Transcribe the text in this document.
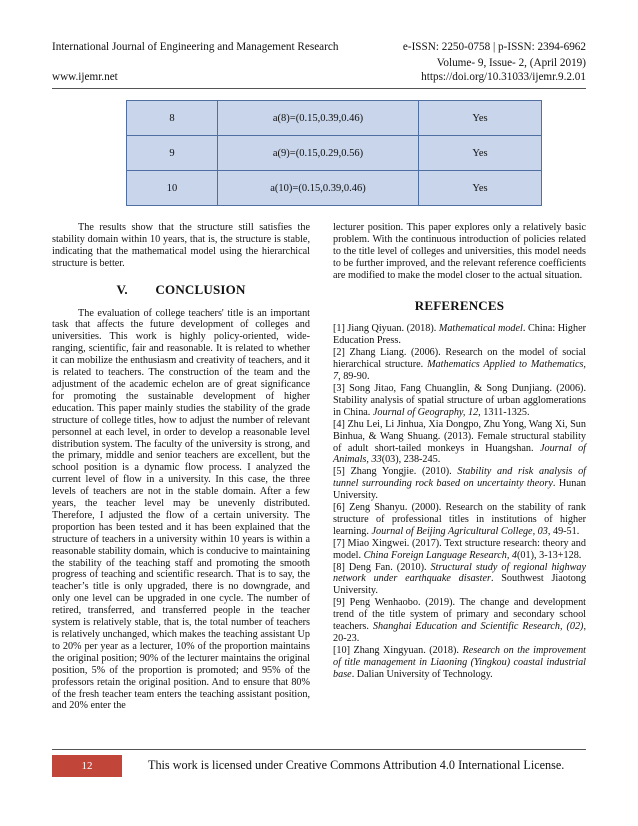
International Journal of Engineering and Management Research	e-ISSN: 2250-0758 | p-ISSN: 2394-6962
Volume- 9, Issue- 2, (April 2019)
www.ijemr.net	https://doi.org/10.31033/ijemr.9.2.01
8	a(8)=(0.15,0.39,0.46)	Yes
9	a(9)=(0.15,0.29,0.56)	Yes
10	a(10)=(0.15,0.39,0.46)	Yes

The results show that the structure still satisfies the stability domain within 10 years, that is, the structure is stable, indicating that the mathematical model using the hierarchical structure is better.

V.        CONCLUSION

The evaluation of college teachers' title is an important task that affects the future development of colleges and universities. This work is highly policy-oriented, wide-ranging, scientific, fair and reasonable. It is related to whether it can mobilize the enthusiasm and creativity of teachers, and it is related to teachers. The construction of the team and the adjustment of the academic echelon are of great significance for promoting the sustainable development of higher education. This paper mainly studies the stability of the grade structure of college titles, how to adjust the number of relevant personnel at each level, in order to develop a reasonable level distribution system. The faculty of the university is strong, and the primary, middle and senior teachers are excellent, but the school position is a dynamic flow process. I analyzed the current level of flow in a university. In this case, the three levels of teachers are not in the stable domain. After a few years, the teacher level may be unevenly distributed. Therefore, I adjusted the flow of a certain university. The proportion has been tested and it has been explained that the structure of teachers in a university within 10 years is within a reasonable stability domain, which is conducive to maintaining the stability of the teaching staff and promoting the smooth progress of teaching and scientific research. That is to say, the teacher’s title is only upgraded, there is no downgrade, and only one level can be upgraded in one cycle. The number of retired, transferred, and transferred people in the teacher system is relatively stable, that is, the total number of teachers is relatively unchanged, which makes the teaching assistant Up to 20% per year as a lecturer, 10% of the proportion maintains the original position; 90% of the lecturer maintains the original position, 5% of the proportion is promoted; and 95% of the professors retain the original position. And to ensure that 80% of the fresh teacher team enters the teaching assistant position, and 20% enter the

lecturer position. This paper explores only a relatively basic problem. With the continuous introduction of policies related to the title level of colleges and universities, this model needs to be further improved, and the relevant reference coefficients are modified to make the model closer to the actual situation.

REFERENCES

[1] Jiang Qiyuan. (2018). Mathematical model. China: Higher Education Press.

[2] Zhang Liang. (2006). Research on the model of social hierarchical structure. Mathematics Applied to Mathematics, 7, 89-90.

[3] Song Jitao, Fang Chuanglin, & Song Dunjiang. (2006). Stability analysis of spatial structure of urban agglomerations in China. Journal of Geography, 12, 1311-1325.

[4] Zhu Lei, Li Jinhua, Xia Dongpo, Zhu Yong, Wang Xi, Sun Binhua, & Wang Shuang. (2013). Female structural stability of adult short-tailed monkeys in Huangshan. Journal of Animals, 33(03), 238-245.

[5] Zhang Yongjie. (2010). Stability and risk analysis of tunnel surrounding rock based on uncertainty theory. Hunan University.

[6] Zeng Shanyu. (2000). Research on the stability of rank structure of professional titles in institutions of higher learning. Journal of Beijing Agricultural College, 03, 49-51.

[7] Miao Xingwei. (2017). Text structure research: theory and model. China Foreign Language Research, 4(01), 3-13+128.

[8] Deng Fan. (2010). Structural study of regional highway network under earthquake disaster. Southwest Jiaotong University.

[9] Peng Wenhaobo. (2019). The change and development trend of the title system of primary and secondary school teachers. Shanghai Education and Scientific Research, (02), 20-23.

[10] Zhang Xingyuan. (2018). Research on the improvement of title management in Liaoning (Yingkou) coastal industrial base. Dalian University of Technology.

12	This work is licensed under Creative Commons Attribution 4.0 International License.
